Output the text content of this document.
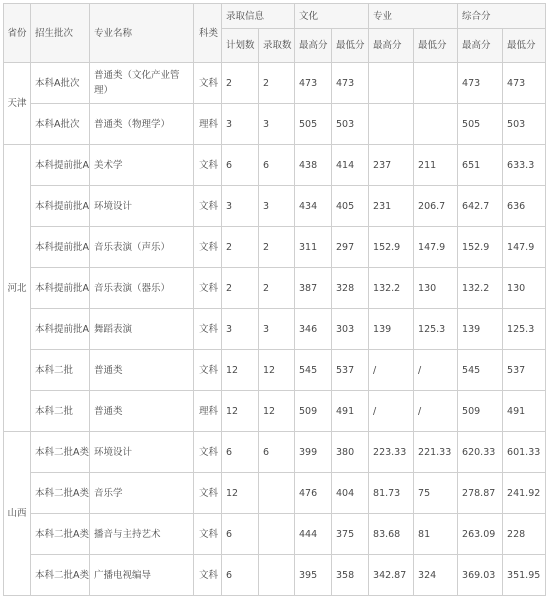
省份	招生批次	专业名称	科类	录取信息		文化		专业		综合分	
				计划数	录取数	最高分	最低分	最高分	最低分	最高分	最低分
天津	本科A批次	普通类（文化产业管理）	文科	2	2	473	473			473	473
	本科A批次	普通类（物理学）	理科	3	3	505	503			505	503
河北	本科提前批A	美术学	文科	6	6	438	414	237	211	651	633.3
	本科提前批A	环境设计	文科	3	3	434	405	231	206.7	642.7	636
	本科提前批A	音乐表演（声乐）	文科	2	2	311	297	152.9	147.9	152.9	147.9
	本科提前批A	音乐表演（器乐）	文科	2	2	387	328	132.2	130	132.2	130
	本科提前批A	舞蹈表演	文科	3	3	346	303	139	125.3	139	125.3
	本科二批	普通类	文科	12	12	545	537	/	/	545	537
	本科二批	普通类	理科	12	12	509	491	/	/	509	491
山西	本科二批A类	环境设计	文科	6	6	399	380	223.33	221.33	620.33	601.33
	本科二批A类	音乐学	文科	12		476	404	81.73	75	278.87	241.92
	本科二批A类	播音与主持艺术	文科	6		444	375	83.68	81	263.09	228
	本科二批A类	广播电视编导	文科	6		395	358	342.87	324	369.03	351.95
